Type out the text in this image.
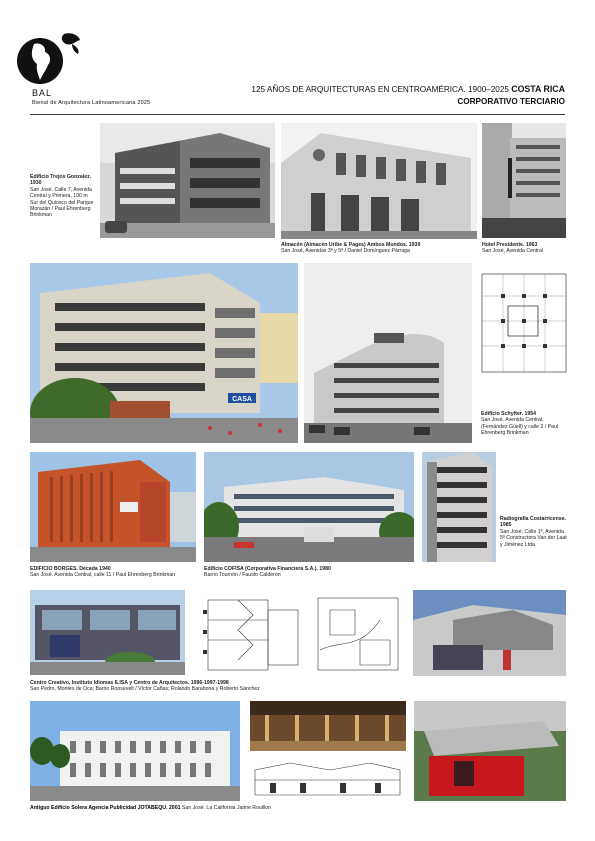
BAL
Bienal de Arquitectura Latinoamericana 2025
125 AÑOS DE ARQUITECTURAS EN CENTROAMÉRICA. 1900–2025 COSTA RICA
CORPORATIVO TERCIARIO
Edificio Trejos Gonzalez. 1930
San José. Calle 7, Avenida Central y Primera, 100 m Sur del Quiosco del Parque Morazán / Paul Ehrenberg Brinkman
Almacén (Almacén Uribe & Pages) Ambos Mundos. 1939
San José, Avenidas 3ª y 5ª / Daniel Domínguez Párraga
Hotel Presidente. 1963
San José, Avenida Central
CASA
Edificio Schyfter. 1954
San José. Avenida Central, (Fernández Güell) y calle 2 / Paul Ehrenberg Brinkman
EDIFICIO BORGES. Década 1940
San José. Avenida Central, calle 11 / Paul Ehrenberg Brinkman
Edificio COFISA (Corporativa Financiera S.A.). 1980
Barrio Tournón / Fausto Calderón
Radiografía Costarricense. 1985
San José. Calle 1ª, Avenida 5ª Constructora Van der Laat y Jiménez Ltda
Centro Creativo, Instituto Idiomas ILISA y Centro de Arquitectos. 1996-1997-1998
San Pedro, Montes de Oca; Barrio Roosevelt / Víctor Cañas; Rolando Barahona y Roberto Sánchez
Antiguo Edificio Solera Agencia Publicidad JOTABEQU. 2001 San José. La California Jaime Rouillon
